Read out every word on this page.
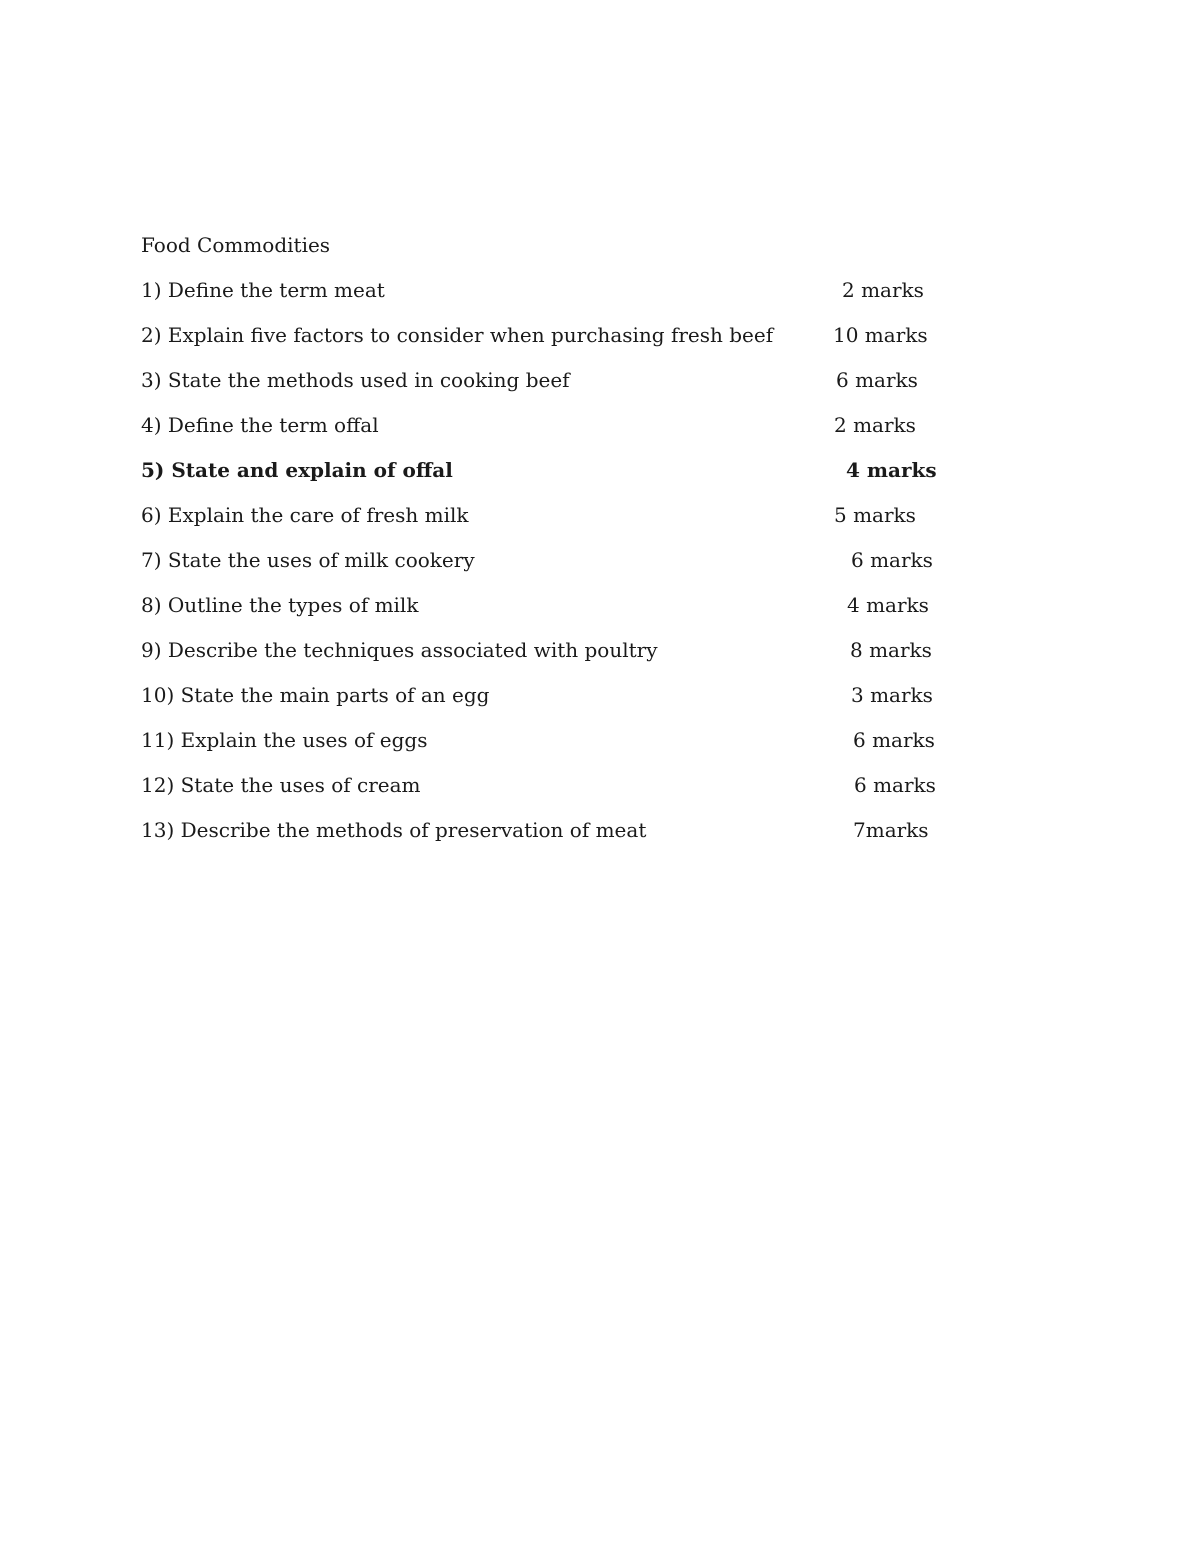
Food Commodities
1) Define the term meat	2 marks
2) Explain five factors to consider when purchasing fresh beef	10 marks
3) State the methods used in cooking beef	6 marks
4) Define the term offal	2 marks
5) State and explain of offal	4 marks
6) Explain the care of fresh milk	5 marks
7) State the uses of milk cookery	6 marks
8) Outline the types of milk	4 marks
9) Describe the techniques associated with poultry	8 marks
10) State the main parts of an egg	3 marks
11) Explain the uses of eggs	6 marks
12) State the uses of cream	6 marks
13) Describe the methods of preservation of meat	7marks
